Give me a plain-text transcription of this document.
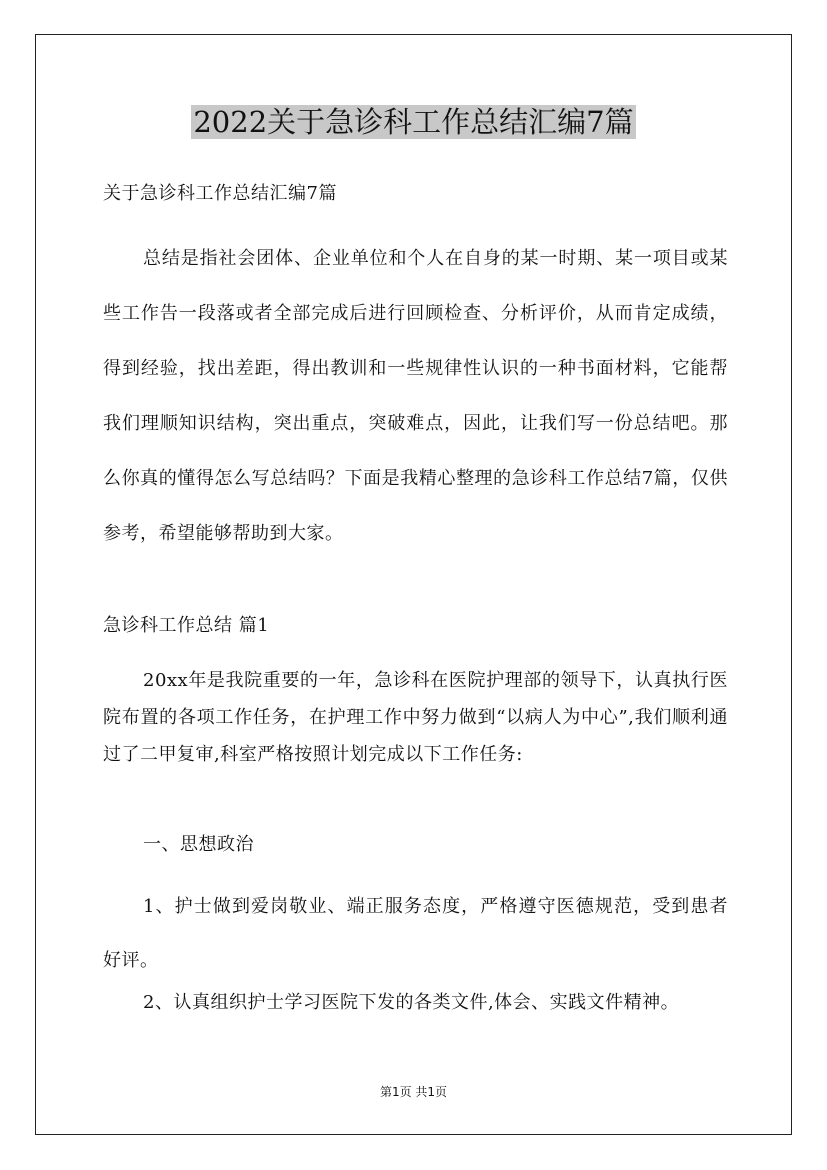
2022关于急诊科工作总结汇编7篇
关于急诊科工作总结汇编7篇
总结是指社会团体、企业单位和个人在自身的某一时期、某一项目或某些工作告一段落或者全部完成后进行回顾检查、分析评价，从而肯定成绩，得到经验，找出差距，得出教训和一些规律性认识的一种书面材料，它能帮我们理顺知识结构，突出重点，突破难点，因此，让我们写一份总结吧。那么你真的懂得怎么写总结吗？下面是我精心整理的急诊科工作总结7篇，仅供参考，希望能够帮助到大家。
急诊科工作总结 篇1
20xx年是我院重要的一年，急诊科在医院护理部的领导下，认真执行医院布置的各项工作任务，在护理工作中努力做到“以病人为中心”,我们顺利通过了二甲复审,科室严格按照计划完成以下工作任务:
一、思想政治
1、护士做到爱岗敬业、端正服务态度，严格遵守医德规范，受到患者好评。
2、认真组织护士学习医院下发的各类文件,体会、实践文件精神。
第1页 共1页
